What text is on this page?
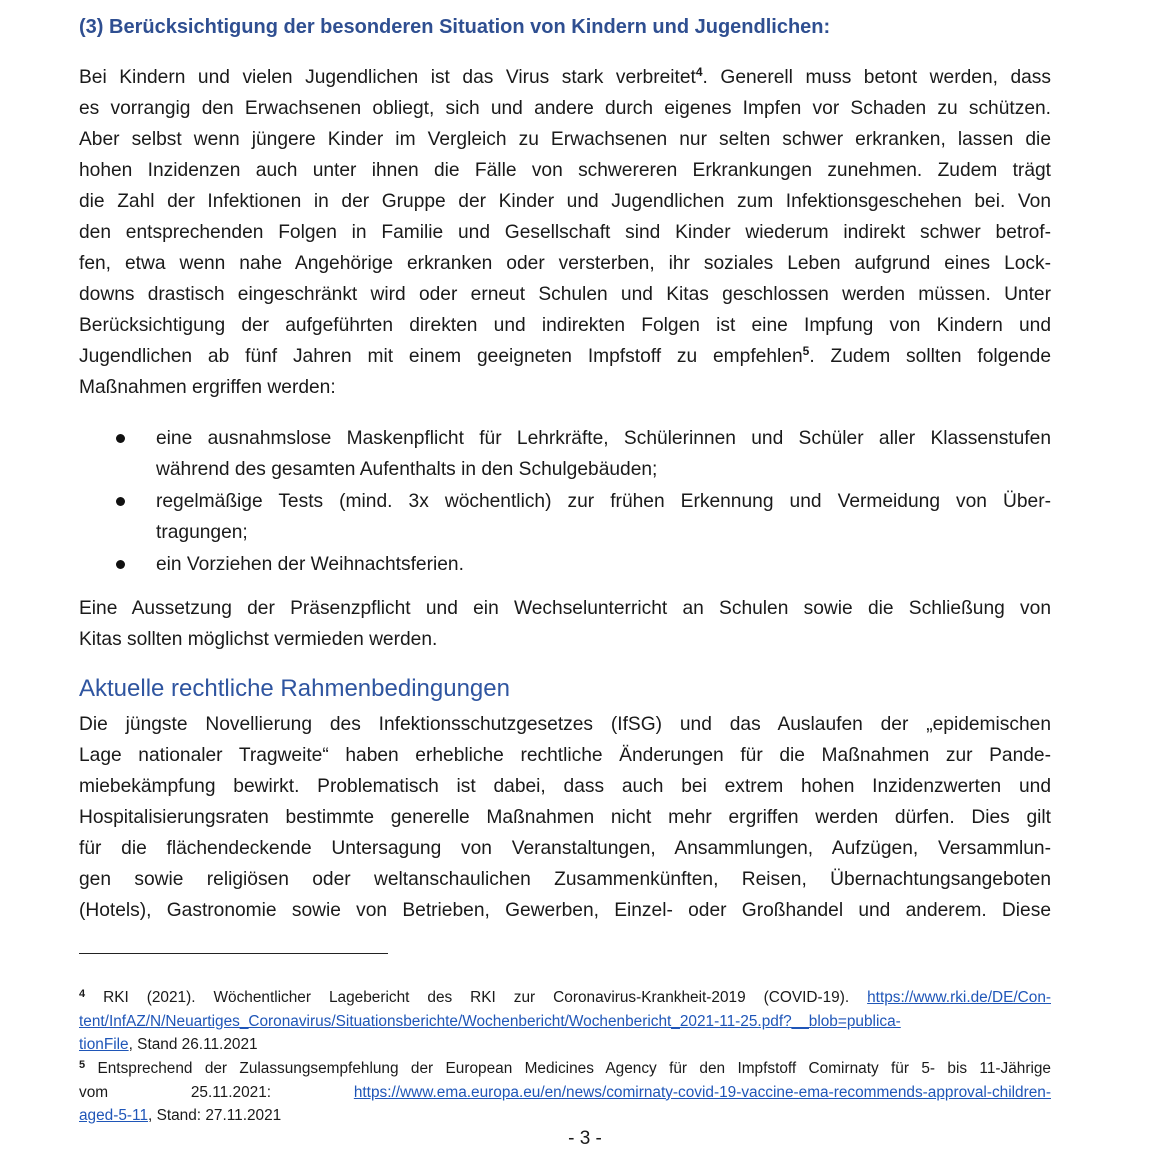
(3) Berücksichtigung der besonderen Situation von Kindern und Jugendlichen:
Bei Kindern und vielen Jugendlichen ist das Virus stark verbreitet$^4$. Generell muss betont werden, dass
es vorrangig den Erwachsenen obliegt, sich und andere durch eigenes Impfen vor Schaden zu schützen.
Aber selbst wenn jüngere Kinder im Vergleich zu Erwachsenen nur selten schwer erkranken, lassen die
hohen Inzidenzen auch unter ihnen die Fälle von schwereren Erkrankungen zunehmen. Zudem trägt
die Zahl der Infektionen in der Gruppe der Kinder und Jugendlichen zum Infektionsgeschehen bei. Von
den entsprechenden Folgen in Familie und Gesellschaft sind Kinder wiederum indirekt schwer betrof-
fen, etwa wenn nahe Angehörige erkranken oder versterben, ihr soziales Leben aufgrund eines Lock-
downs drastisch eingeschränkt wird oder erneut Schulen und Kitas geschlossen werden müssen. Unter
Berücksichtigung der aufgeführten direkten und indirekten Folgen ist eine Impfung von Kindern und
Jugendlichen ab fünf Jahren mit einem geeigneten Impfstoff zu empfehlen$^5$. Zudem sollten folgende
Maßnahmen ergriffen werden:
eine ausnahmslose Maskenpflicht für Lehrkräfte, Schülerinnen und Schüler aller Klassenstufen
während des gesamten Aufenthalts in den Schulgebäuden;
regelmäßige Tests (mind. 3x wöchentlich) zur frühen Erkennung und Vermeidung von Über-
tragungen;
ein Vorziehen der Weihnachtsferien.
Eine Aussetzung der Präsenzpflicht und ein Wechselunterricht an Schulen sowie die Schließung von
Kitas sollten möglichst vermieden werden.
Aktuelle rechtliche Rahmenbedingungen
Die jüngste Novellierung des Infektionsschutzgesetzes (IfSG) und das Auslaufen der „epidemischen
Lage nationaler Tragweite“ haben erhebliche rechtliche Änderungen für die Maßnahmen zur Pande-
miebekämpfung bewirkt. Problematisch ist dabei, dass auch bei extrem hohen Inzidenzwerten und
Hospitalisierungsraten bestimmte generelle Maßnahmen nicht mehr ergriffen werden dürfen. Dies gilt
für die flächendeckende Untersagung von Veranstaltungen, Ansammlungen, Aufzügen, Versammlun-
gen sowie religiösen oder weltanschaulichen Zusammenkünften, Reisen, Übernachtungsangeboten
(Hotels), Gastronomie sowie von Betrieben, Gewerben, Einzel- oder Großhandel und anderem. Diese
$^4$ RKI (2021). Wöchentlicher Lagebericht des RKI zur Coronavirus-Krankheit-2019 (COVID-19). https://www.rki.de/DE/Con-
tent/InfAZ/N/Neuartiges_Coronavirus/Situationsberichte/Wochenbericht/Wochenbericht_2021-11-25.pdf?__blob=publica-
tionFile, Stand 26.11.2021
$^5$ Entsprechend der Zulassungsempfehlung der European Medicines Agency für den Impfstoff Comirnaty für 5- bis 11-Jährige
vom 25.11.2021: https://www.ema.europa.eu/en/news/comirnaty-covid-19-vaccine-ema-recommends-approval-children-
aged-5-11, Stand: 27.11.2021
- 3 -
